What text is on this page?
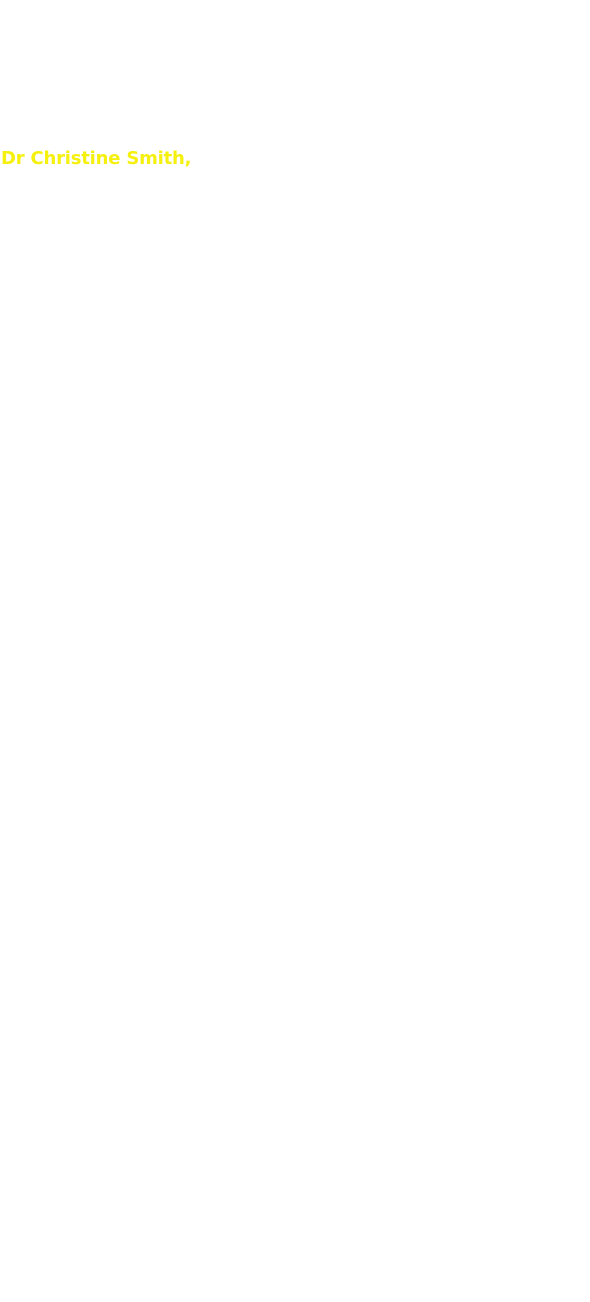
Dr Christine Smith,
